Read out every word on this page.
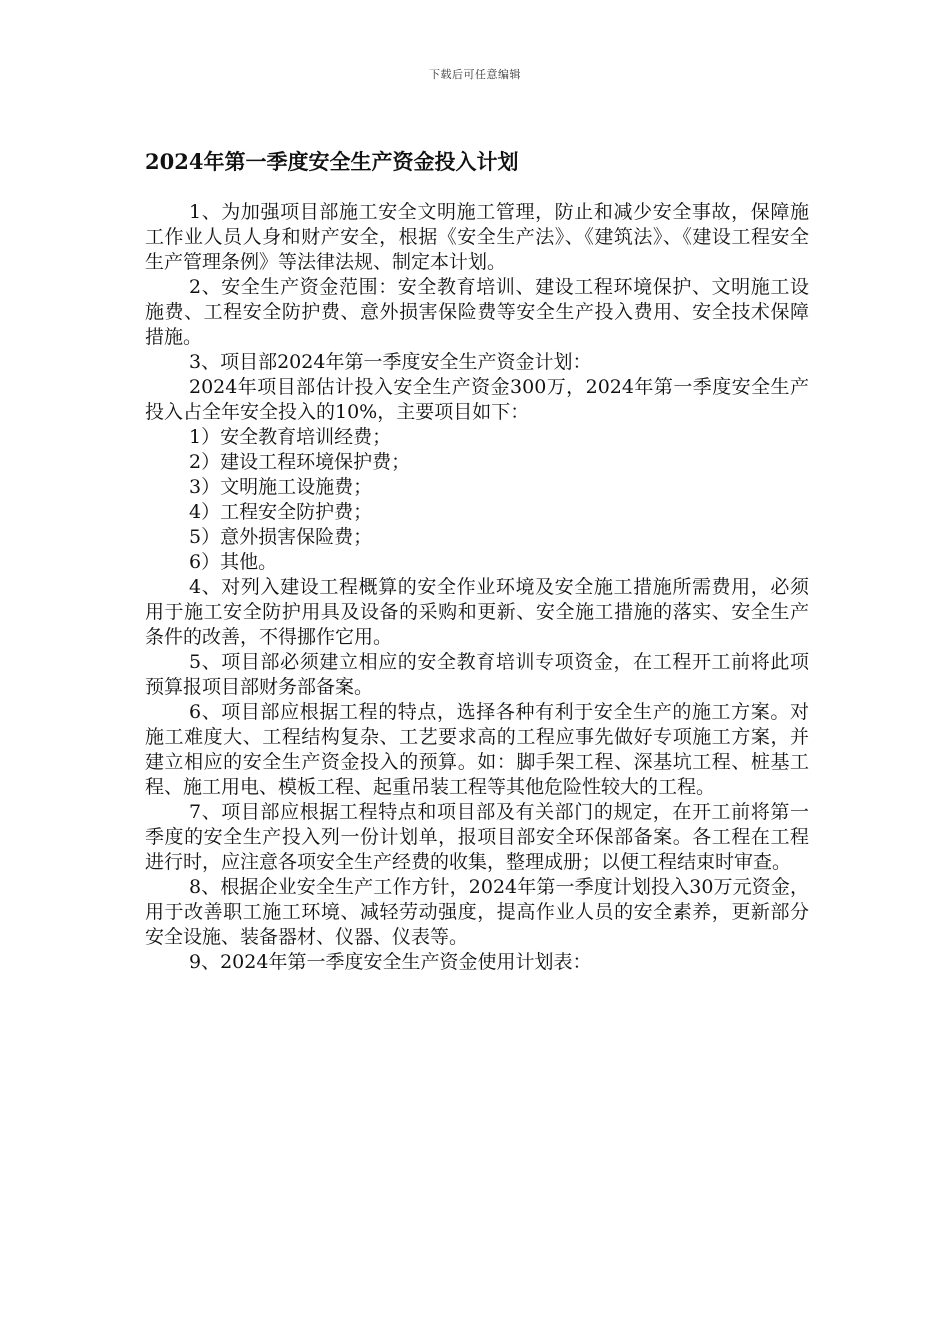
下载后可任意编辑
2024年第一季度安全生产资金投入计划

1、为加强项目部施工安全文明施工管理，防止和减少安全事故，保障施工作业人员人身和财产安全，根据《安全生产法》、《建筑法》、《建设工程安全生产管理条例》等法律法规、制定本计划。

2、安全生产资金范围：安全教育培训、建设工程环境保护、文明施工设施费、工程安全防护费、意外损害保险费等安全生产投入费用、安全技术保障措施。

3、项目部2024年第一季度安全生产资金计划：

2024年项目部估计投入安全生产资金300万，2024年第一季度安全生产投入占全年安全投入的10%，主要项目如下：

1）安全教育培训经费；

2）建设工程环境保护费；

3）文明施工设施费；

4）工程安全防护费；

5）意外损害保险费；

6）其他。

4、对列入建设工程概算的安全作业环境及安全施工措施所需费用，必须用于施工安全防护用具及设备的采购和更新、安全施工措施的落实、安全生产条件的改善，不得挪作它用。

5、项目部必须建立相应的安全教育培训专项资金，在工程开工前将此项预算报项目部财务部备案。

6、项目部应根据工程的特点，选择各种有利于安全生产的施工方案。对施工难度大、工程结构复杂、工艺要求高的工程应事先做好专项施工方案，并建立相应的安全生产资金投入的预算。如：脚手架工程、深基坑工程、桩基工程、施工用电、模板工程、起重吊装工程等其他危险性较大的工程。

7、项目部应根据工程特点和项目部及有关部门的规定，在开工前将第一季度的安全生产投入列一份计划单，报项目部安全环保部备案。各工程在工程进行时，应注意各项安全生产经费的收集，整理成册；以便工程结束时审查。

8、根据企业安全生产工作方针，2024年第一季度计划投入30万元资金，用于改善职工施工环境、减轻劳动强度，提高作业人员的安全素养，更新部分安全设施、装备器材、仪器、仪表等。

9、2024年第一季度安全生产资金使用计划表：
